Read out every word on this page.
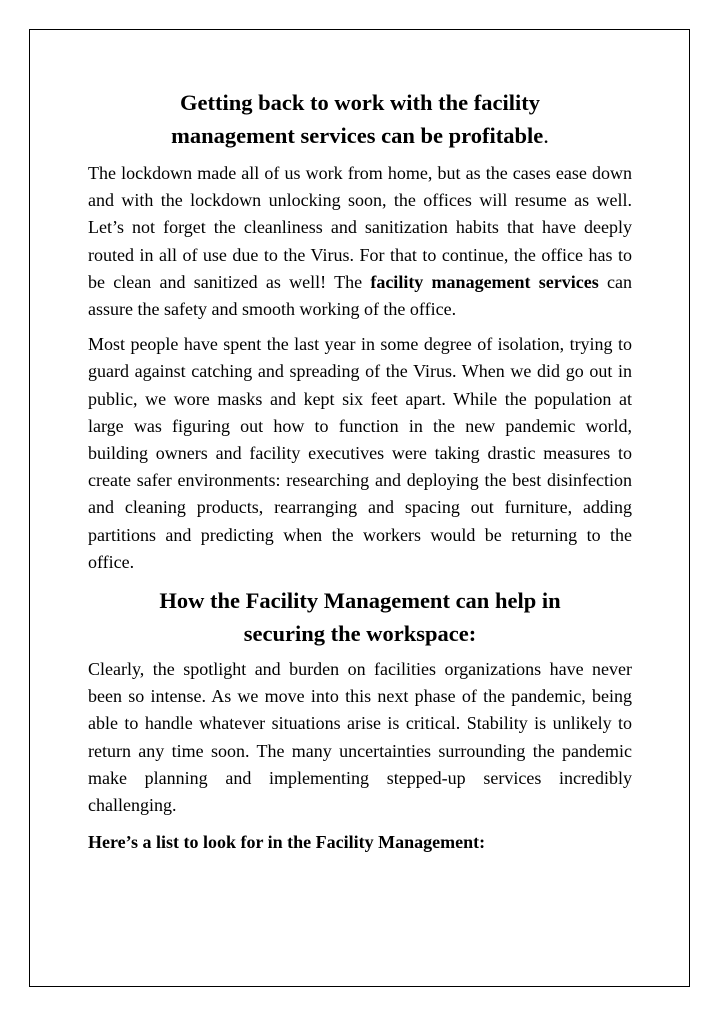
Getting back to work with the facility
management services can be profitable.

The lockdown made all of us work from home, but as the cases ease down and with the lockdown unlocking soon, the offices will resume as well. Let’s not forget the cleanliness and sanitization habits that have deeply routed in all of use due to the Virus. For that to continue, the office has to be clean and sanitized as well! The facility management services can assure the safety and smooth working of the office.

Most people have spent the last year in some degree of isolation, trying to guard against catching and spreading of the Virus. When we did go out in public, we wore masks and kept six feet apart. While the population at large was figuring out how to function in the new pandemic world, building owners and facility executives were taking drastic measures to create safer environments: researching and deploying the best disinfection and cleaning products, rearranging and spacing out furniture, adding partitions and predicting when the workers would be returning to the office.

How the Facility Management can help in
securing the workspace:

Clearly, the spotlight and burden on facilities organizations have never been so intense. As we move into this next phase of the pandemic, being able to handle whatever situations arise is critical. Stability is unlikely to return any time soon. The many uncertainties surrounding the pandemic make planning and implementing stepped-up services incredibly challenging.

Here’s a list to look for in the Facility Management:
